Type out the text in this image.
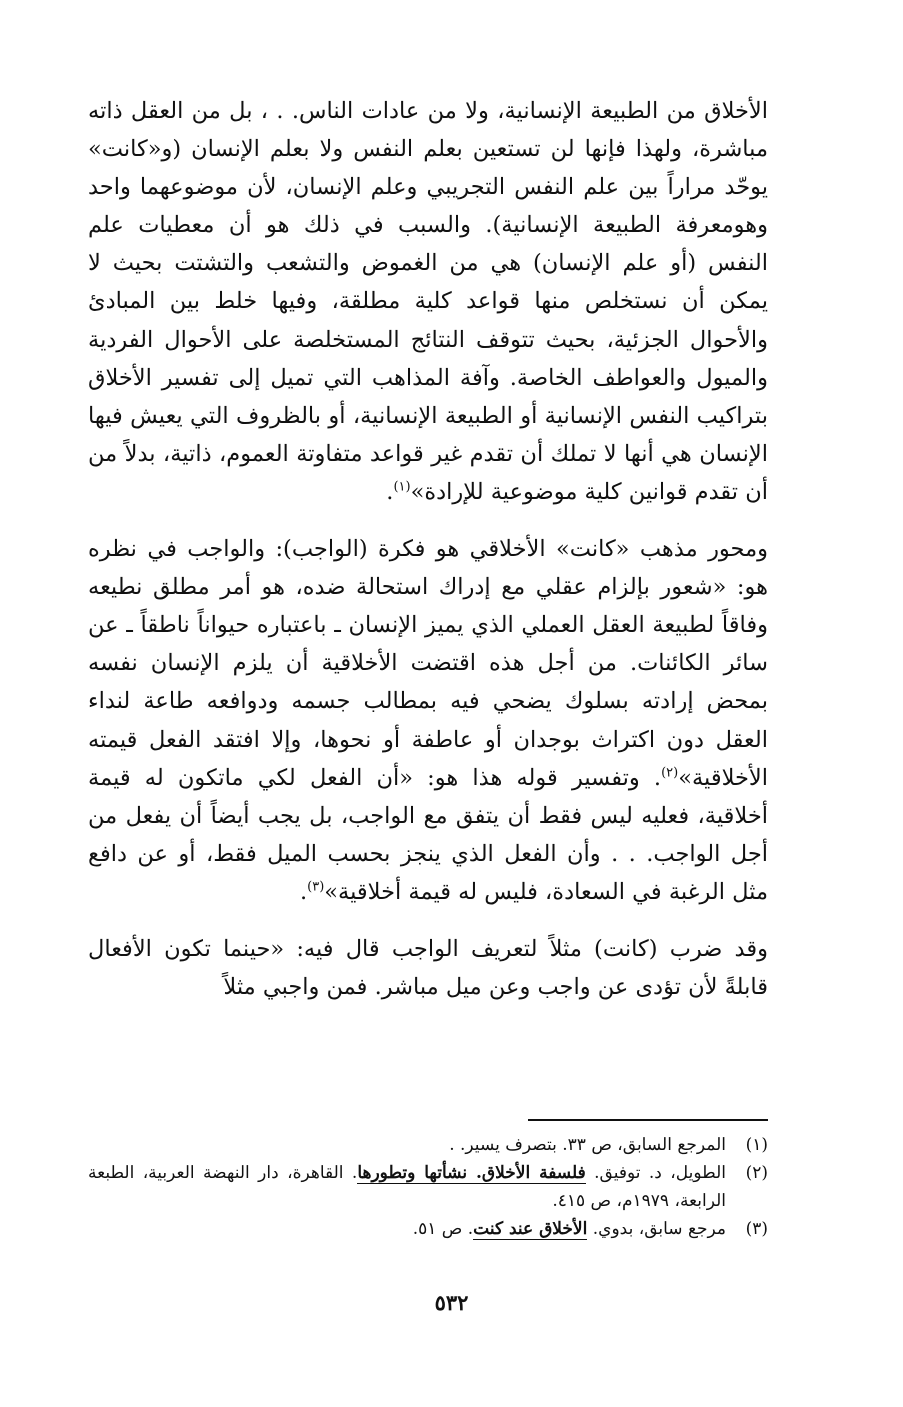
الأخلاق من الطبيعة الإنسانية، ولا من عادات الناس. . ، بل من العقل ذاته مباشرة، ولهذا فإنها لن تستعين بعلم النفس ولا بعلم الإنسان (و«كانت» يوحّد مراراً بين علم النفس التجريبي وعلم الإنسان، لأن موضوعهما واحد وهومعرفة الطبيعة الإنسانية). والسبب في ذلك هو أن معطيات علم النفس (أو علم الإنسان) هي من الغموض والتشعب والتشتت بحيث لا يمكن أن نستخلص منها قواعد كلية مطلقة، وفيها خلط بين المبادئ والأحوال الجزئية، بحيث تتوقف النتائج المستخلصة على الأحوال الفردية والميول والعواطف الخاصة. وآفة المذاهب التي تميل إلى تفسير الأخلاق بتراكيب النفس الإنسانية أو الطبيعة الإنسانية، أو بالظروف التي يعيش فيها الإنسان هي أنها لا تملك أن تقدم غير قواعد متفاوتة العموم، ذاتية، بدلاً من أن تقدم قوانين كلية موضوعية للإرادة»$^{(١)}$.

ومحور مذهب «كانت» الأخلاقي هو فكرة (الواجب): والواجب في نظره هو: «شعور بإلزام عقلي مع إدراك استحالة ضده، هو أمر مطلق نطيعه وفاقاً لطبيعة العقل العملي الذي يميز الإنسان ـ باعتباره حيواناً ناطقاً ـ عن سائر الكائنات. من أجل هذه اقتضت الأخلاقية أن يلزم الإنسان نفسه بمحض إرادته بسلوك يضحي فيه بمطالب جسمه ودوافعه طاعة لنداء العقل دون اكتراث بوجدان أو عاطفة أو نحوها، وإلا افتقد الفعل قيمته الأخلاقية»$^{(٢)}$. وتفسير قوله هذا هو: «أن الفعل لكي ماتكون له قيمة أخلاقية، فعليه ليس فقط أن يتفق مع الواجب، بل يجب أيضاً أن يفعل من أجل الواجب. . . وأن الفعل الذي ينجز بحسب الميل فقط، أو عن دافع مثل الرغبة في السعادة، فليس له قيمة أخلاقية»$^{(٣)}$.

وقد ضرب (كانت) مثلاً لتعريف الواجب قال فيه: «حينما تكون الأفعال قابلةً لأن تؤدى عن واجب وعن ميل مباشر. فمن واجبي مثلاً

(١)
المرجع السابق، ص ٣٣. بتصرف يسير. .
(٢)
الطويل، د. توفيق. فلسفة الأخلاق. نشأتها وتطورها. القاهرة، دار النهضة العربية، الطبعة الرابعة، ١٩٧٩م، ص ٤١٥.
(٣)
مرجع سابق، بدوي. الأخلاق عند كنت. ص ٥١.
٥٣٢
